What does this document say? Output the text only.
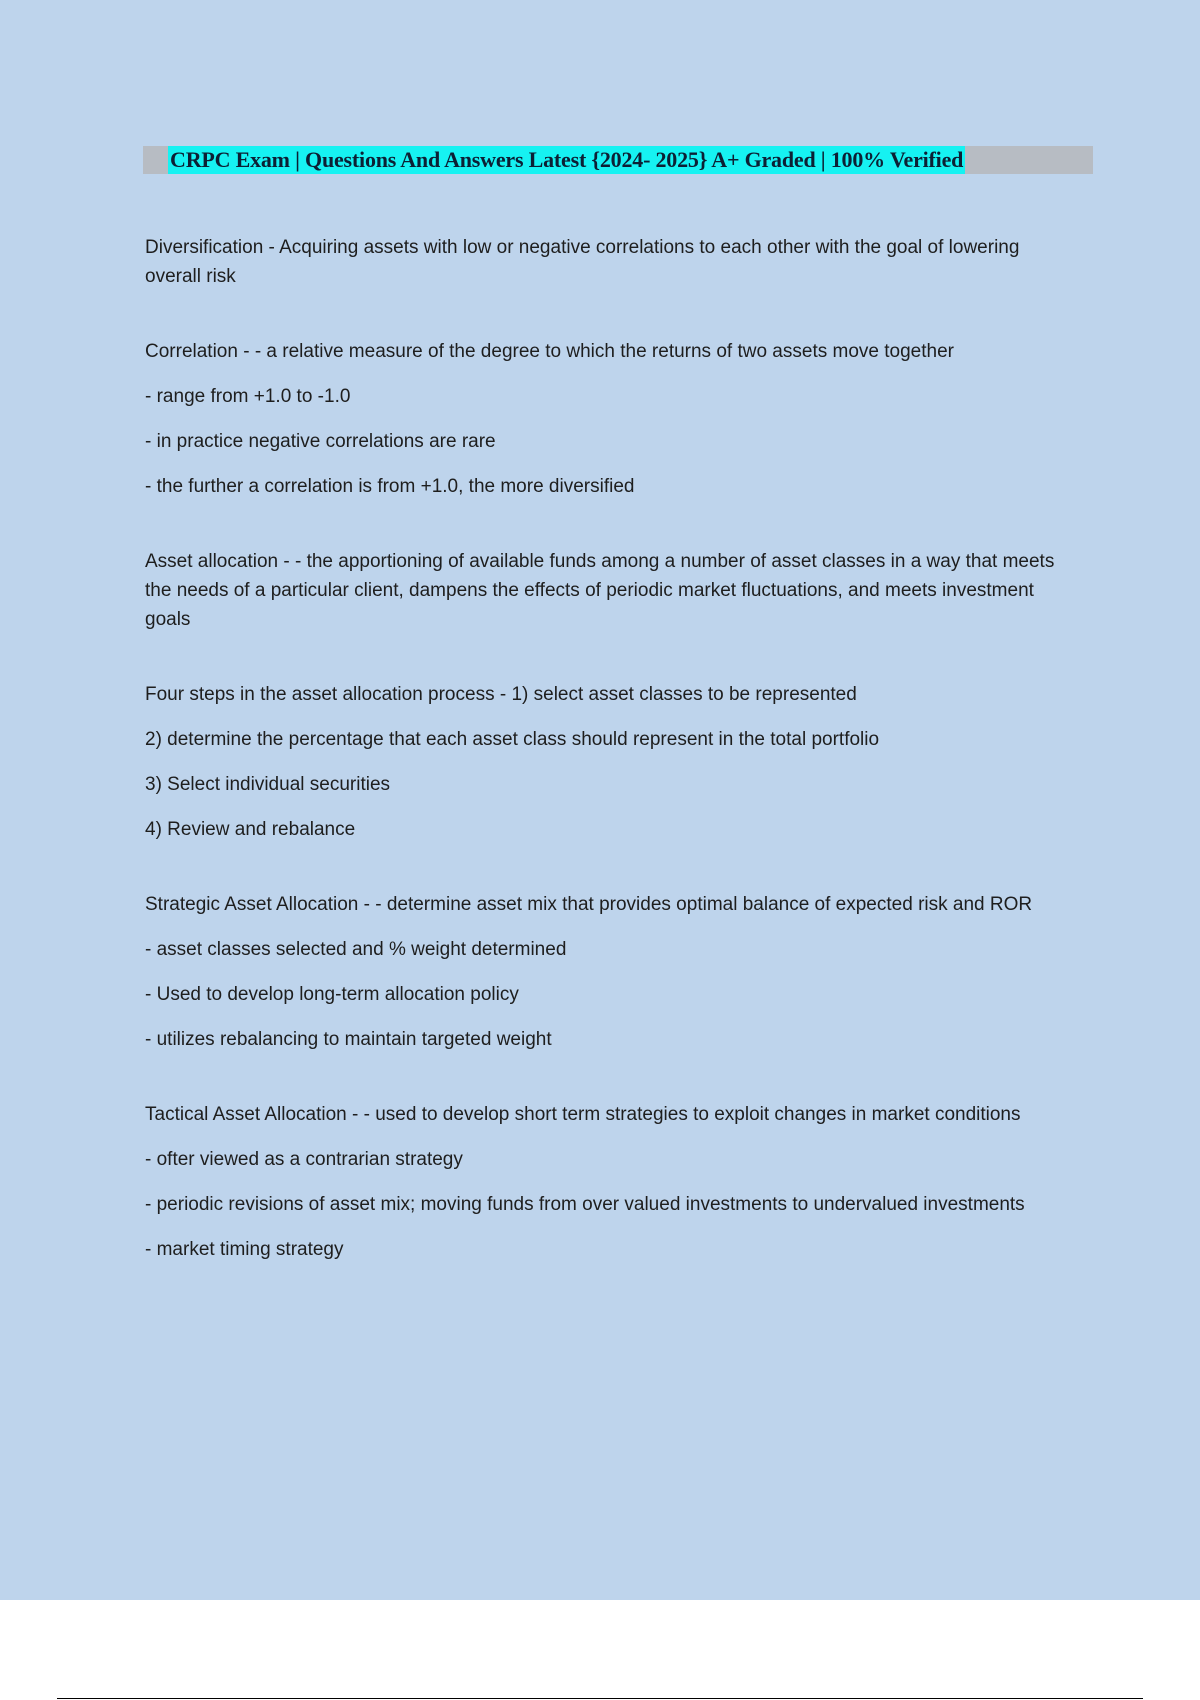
CRPC Exam | Questions And Answers Latest {2024- 2025} A+ Graded | 100% Verified

Diversification - Acquiring assets with low or negative correlations to each other with the goal of lowering overall risk

Correlation - - a relative measure of the degree to which the returns of two assets move together

- range from +1.0 to -1.0

- in practice negative correlations are rare

- the further a correlation is from +1.0, the more diversified

Asset allocation - - the apportioning of available funds among a number of asset classes in a way that meets the needs of a particular client, dampens the effects of periodic market fluctuations, and meets investment goals

Four steps in the asset allocation process - 1) select asset classes to be represented

2) determine the percentage that each asset class should represent in the total portfolio

3) Select individual securities

4) Review and rebalance

Strategic Asset Allocation - - determine asset mix that provides optimal balance of expected risk and ROR

- asset classes selected and % weight determined

- Used to develop long-term allocation policy

- utilizes rebalancing to maintain targeted weight

Tactical Asset Allocation - - used to develop short term strategies to exploit changes in market conditions

- ofter viewed as a contrarian strategy

- periodic revisions of asset mix; moving funds from over valued investments to undervalued investments

- market timing strategy
